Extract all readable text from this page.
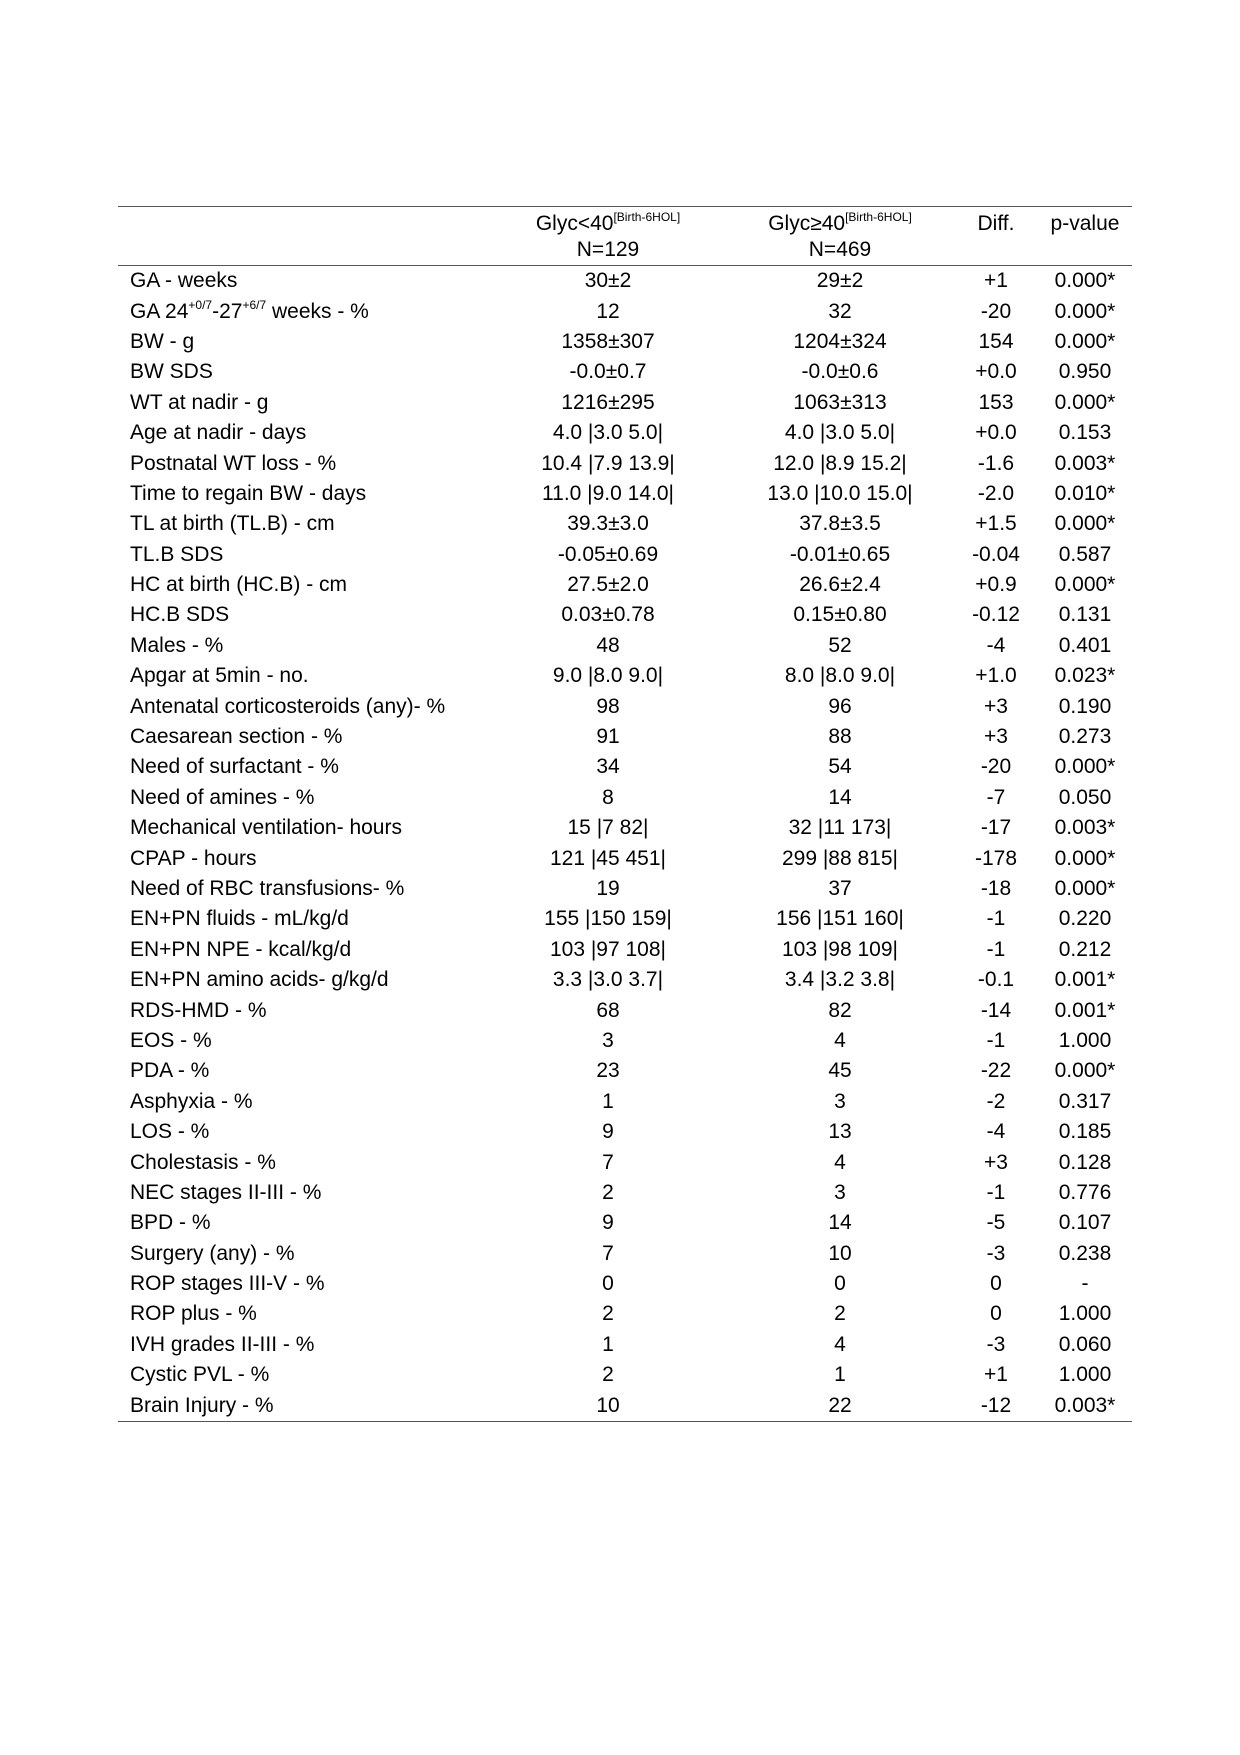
	Glyc<40[Birth-6HOL]	Glyc≥40[Birth-6HOL]	Diff.	p-value
	N=129	N=469		
GA - weeks	30±2	29±2	+1	0.000*
GA $24^{+0/7}-27^{+6/7}$ weeks - %	12	32	-20	0.000*
BW - g	1358±307	1204±324	154	0.000*
BW SDS	-0.0±0.7	-0.0±0.6	+0.0	0.950
WT at nadir - g	1216±295	1063±313	153	0.000*
Age at nadir - days	4.0 |3.0 5.0|	4.0 |3.0 5.0|	+0.0	0.153
Postnatal WT loss - %	10.4 |7.9 13.9|	12.0 |8.9 15.2|	-1.6	0.003*
Time to regain BW - days	11.0 |9.0 14.0|	13.0 |10.0 15.0|	-2.0	0.010*
TL at birth (TL.B) - cm	39.3±3.0	37.8±3.5	+1.5	0.000*
TL.B SDS	-0.05±0.69	-0.01±0.65	-0.04	0.587
HC at birth (HC.B) - cm	27.5±2.0	26.6±2.4	+0.9	0.000*
HC.B SDS	0.03±0.78	0.15±0.80	-0.12	0.131
Males - %	48	52	-4	0.401
Apgar at 5min - no.	9.0 |8.0 9.0|	8.0 |8.0 9.0|	+1.0	0.023*
Antenatal corticosteroids (any)- %	98	96	+3	0.190
Caesarean section - %	91	88	+3	0.273
Need of surfactant - %	34	54	-20	0.000*
Need of amines - %	8	14	-7	0.050
Mechanical ventilation- hours	15 |7 82|	32 |11 173|	-17	0.003*
CPAP - hours	121 |45 451|	299 |88 815|	-178	0.000*
Need of RBC transfusions- %	19	37	-18	0.000*
EN+PN fluids - mL/kg/d	155 |150 159|	156 |151 160|	-1	0.220
EN+PN NPE - kcal/kg/d	103 |97 108|	103 |98 109|	-1	0.212
EN+PN amino acids- g/kg/d	3.3 |3.0 3.7|	3.4 |3.2 3.8|	-0.1	0.001*
RDS-HMD - %	68	82	-14	0.001*
EOS - %	3	4	-1	1.000
PDA - %	23	45	-22	0.000*
Asphyxia - %	1	3	-2	0.317
LOS - %	9	13	-4	0.185
Cholestasis - %	7	4	+3	0.128
NEC stages II-III - %	2	3	-1	0.776
BPD - %	9	14	-5	0.107
Surgery (any) - %	7	10	-3	0.238
ROP stages III-V - %	0	0	0	-
ROP plus - %	2	2	0	1.000
IVH grades II-III - %	1	4	-3	0.060
Cystic PVL - %	2	1	+1	1.000
Brain Injury - %	10	22	-12	0.003*
